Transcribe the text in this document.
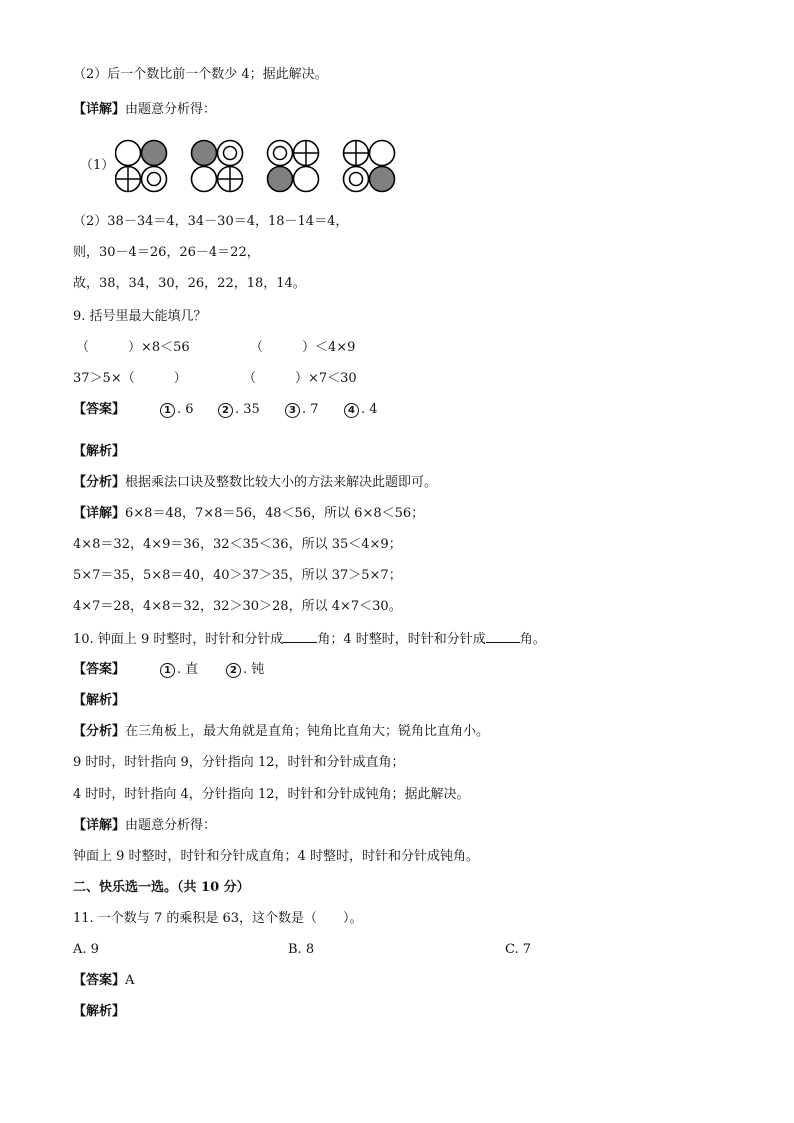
（2）后一个数比前一个数少 4；据此解决。
【详解】由题意分析得：
（1）
（2）38－34＝4，34－30＝4，18－14＝4，
则，30－4＝26，26－4＝22，
故，38，34，30，26，22，18，14。
9. 括号里最大能填几？
（　　　）×8＜56	（　　　）＜4×9
37＞5×（　　　）	（　　　）×7＜30
【答案】	1 . 6	2 . 35	3 . 7	4 . 4
【解析】
【分析】根据乘法口诀及整数比较大小的方法来解决此题即可。
【详解】6×8＝48，7×8＝56，48＜56，所以 6×8＜56；
4×8＝32，4×9＝36，32＜35＜36，所以 35＜4×9；
5×7＝35，5×8＝40，40＞37＞35，所以 37＞5×7；
4×7＝28，4×8＝32，32＞30＞28，所以 4×7＜30。
10. 钟面上 9 时整时，时针和分针成	角；4 时整时，时针和分针成	角。
【答案】	1 . 直	2 . 钝
【解析】
【分析】在三角板上，最大角就是直角；钝角比直角大；锐角比直角小。
9 时时，时针指向 9，分针指向 12，时针和分针成直角；
4 时时，时针指向 4，分针指向 12，时针和分针成钝角；据此解决。
【详解】由题意分析得：
钟面上 9 时整时，时针和分针成直角；4 时整时，时针和分针成钝角。
二、快乐选一选。（共 10 分）
11. 一个数与 7 的乘积是 63，这个数是（　　）。
A. 9	B. 8	C. 7
【答案】A
【解析】
